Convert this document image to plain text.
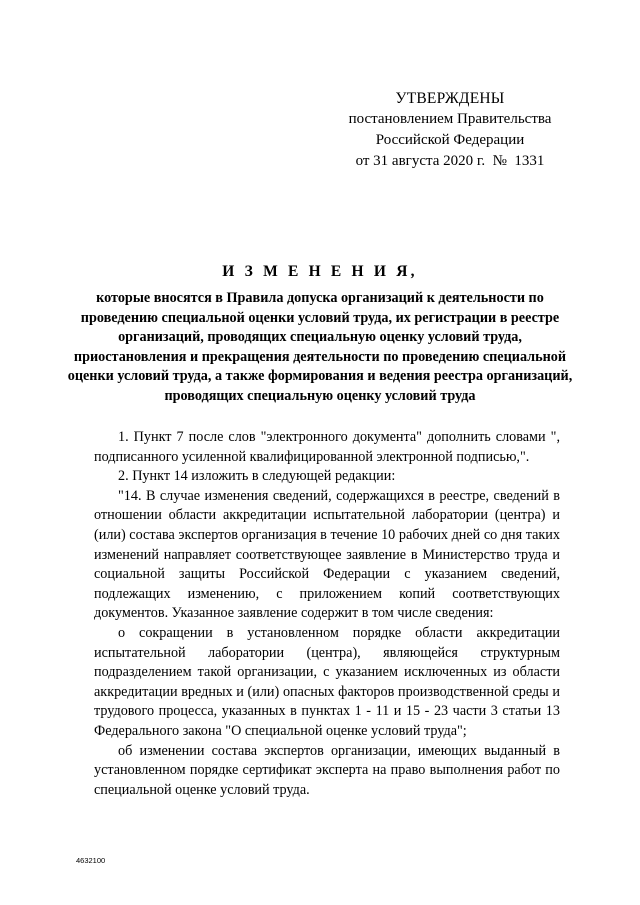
УТВЕРЖДЕНЫ
постановлением Правительства
Российской Федерации
от 31 августа 2020 г.  №  1331
И З М Е Н Е Н И Я,
которые вносятся в Правила допуска организаций к деятельности по проведению специальной оценки условий труда, их регистрации в реестре организаций, проводящих специальную оценку условий труда, приостановления и прекращения деятельности по проведению специальной оценки условий труда, а также формирования и ведения реестра организаций, проводящих специальную оценку условий труда

1. Пункт 7 после слов "электронного документа" дополнить словами ", подписанного усиленной квалифицированной электронной подписью,".

2. Пункт 14 изложить в следующей редакции:

"14. В случае изменения сведений, содержащихся в реестре, сведений в отношении области аккредитации испытательной лаборатории (центра) и (или) состава экспертов организация в течение 10 рабочих дней со дня таких изменений направляет соответствующее заявление в Министерство труда и социальной защиты Российской Федерации с указанием сведений, подлежащих изменению, с приложением копий соответствующих документов. Указанное заявление содержит в том числе сведения:

о сокращении в установленном порядке области аккредитации испытательной лаборатории (центра), являющейся структурным подразделением такой организации, с указанием исключенных из области аккредитации вредных и (или) опасных факторов производственной среды и трудового процесса, указанных в пунктах 1 - 11 и 15 - 23 части 3 статьи 13 Федерального закона "О специальной оценке условий труда";

об изменении состава экспертов организации, имеющих выданный в установленном порядке сертификат эксперта на право выполнения работ по специальной оценке условий труда.

4632100
